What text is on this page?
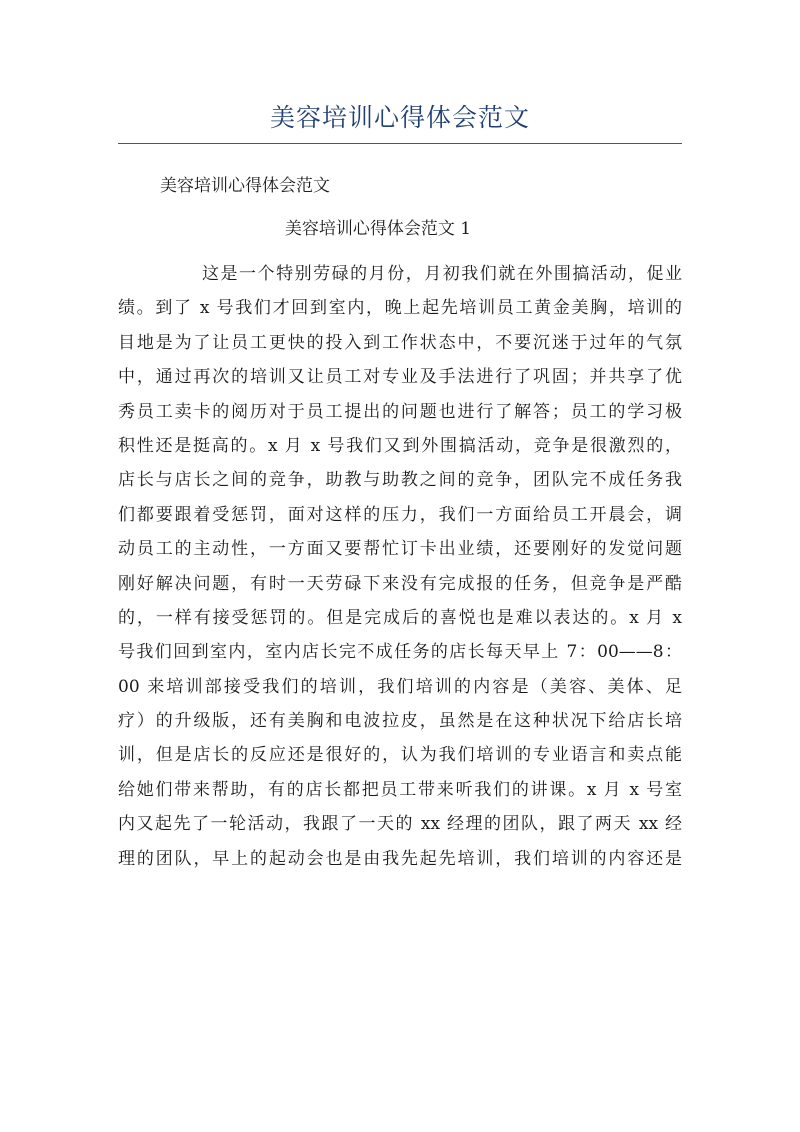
美容培训心得体会范文
美容培训心得体会范文
美容培训心得体会范文 1
这是一个特别劳碌的月份，月初我们就在外围搞活动，促业
绩。到了 x 号我们才回到室内，晚上起先培训员工黄金美胸，培训的
目地是为了让员工更快的投入到工作状态中，不要沉迷于过年的气氛
中，通过再次的培训又让员工对专业及手法进行了巩固；并共享了优
秀员工卖卡的阅历对于员工提出的问题也进行了解答；员工的学习极
积性还是挺高的。x 月 x 号我们又到外围搞活动，竞争是很激烈的，
店长与店长之间的竞争，助教与助教之间的竞争，团队完不成任务我
们都要跟着受惩罚，面对这样的压力，我们一方面给员工开晨会，调
动员工的主动性，一方面又要帮忙订卡出业绩，还要刚好的发觉问题
刚好解决问题，有时一天劳碌下来没有完成报的任务，但竞争是严酷
的，一样有接受惩罚的。但是完成后的喜悦也是难以表达的。x 月 x
号我们回到室内，室内店长完不成任务的店长每天早上 7：00——8：
00 来培训部接受我们的培训，我们培训的内容是（美容、美体、足
疗）的升级版，还有美胸和电波拉皮，虽然是在这种状况下给店长培
训，但是店长的反应还是很好的，认为我们培训的专业语言和卖点能
给她们带来帮助，有的店长都把员工带来听我们的讲课。x 月 x 号室
内又起先了一轮活动，我跟了一天的 xx 经理的团队，跟了两天 xx 经
理的团队，早上的起动会也是由我先起先培训，我们培训的内容还是
